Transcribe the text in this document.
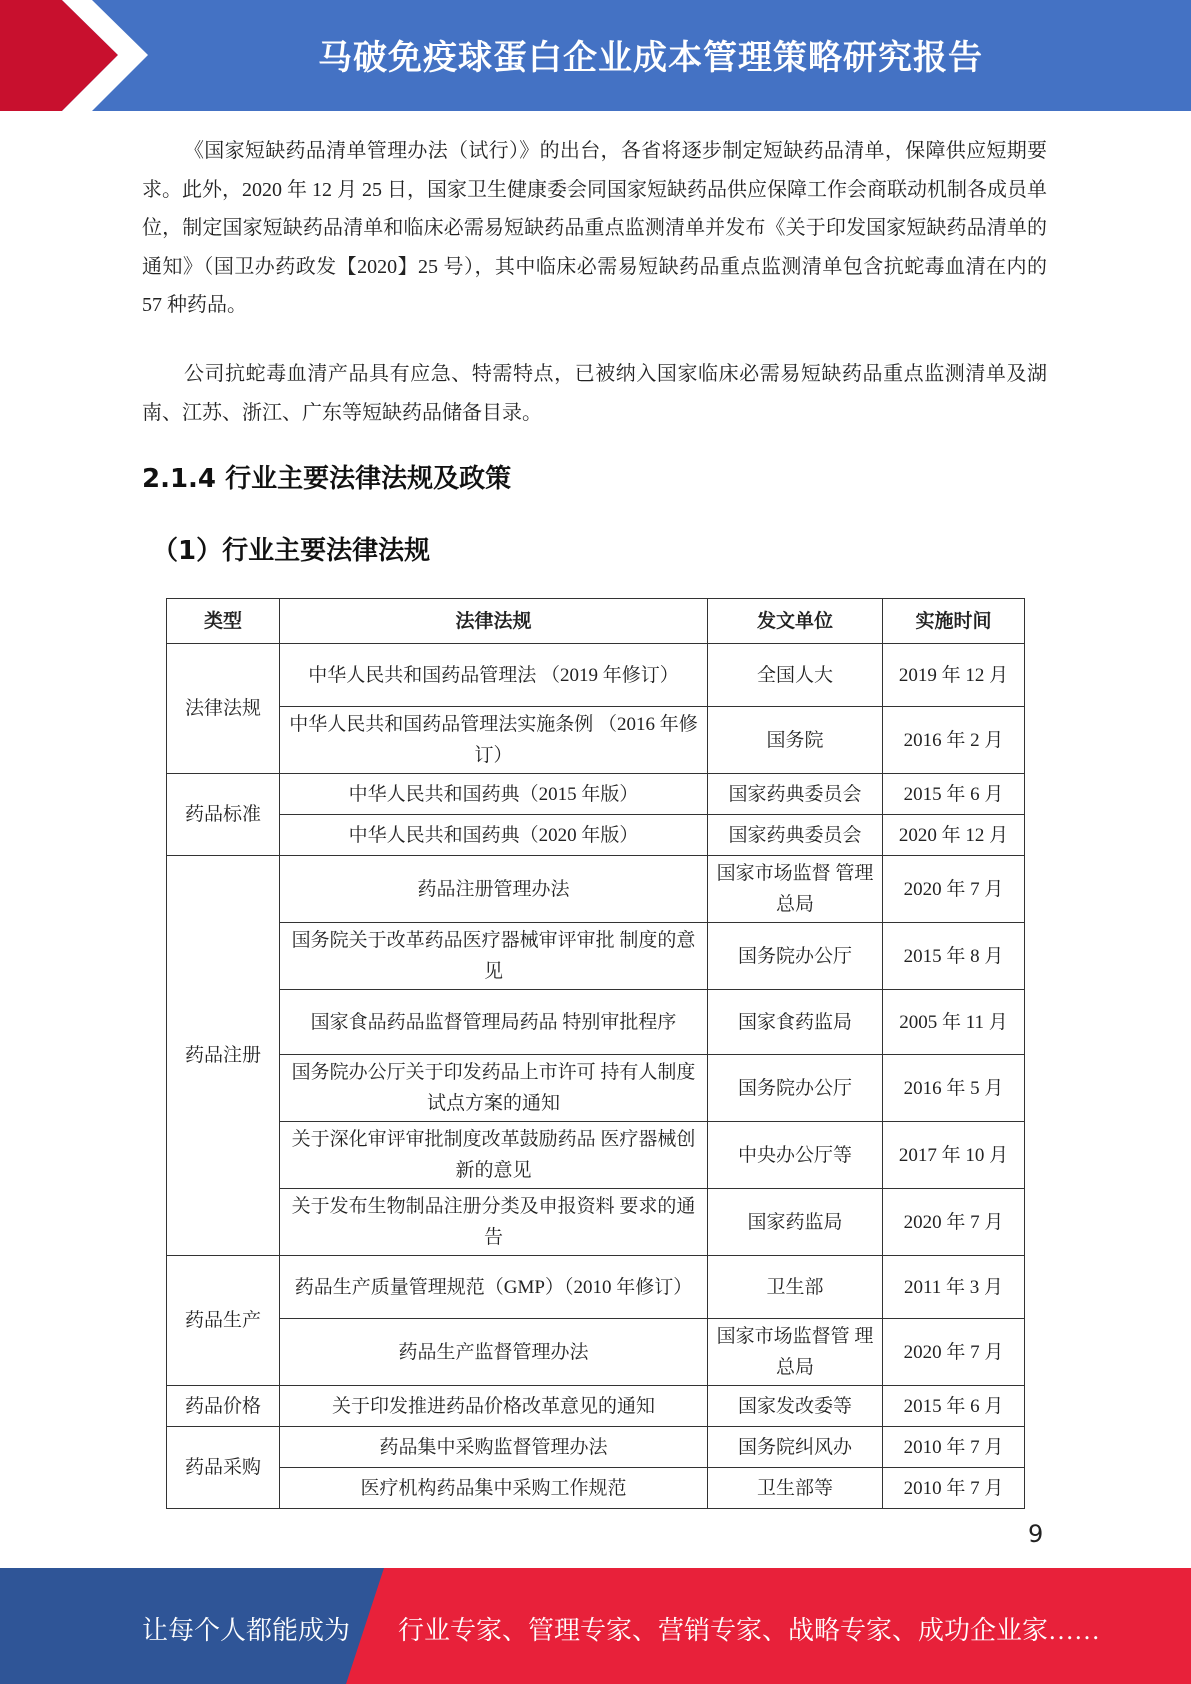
马破免疫球蛋白企业成本管理策略研究报告

《国家短缺药品清单管理办法（试行）》的出台，各省将逐步制定短缺药品清单，保障供应短期要求。此外，2020 年 12 月 25 日，国家卫生健康委会同国家短缺药品供应保障工作会商联动机制各成员单位，制定国家短缺药品清单和临床必需易短缺药品重点监测清单并发布《关于印发国家短缺药品清单的通知》（国卫办药政发【2020】25 号），其中临床必需易短缺药品重点监测清单包含抗蛇毒血清在内的 57 种药品。

公司抗蛇毒血清产品具有应急、特需特点，已被纳入国家临床必需易短缺药品重点监测清单及湖南、江苏、浙江、广东等短缺药品储备目录。

2.1.4 行业主要法律法规及政策
（1）行业主要法律法规
类型	法律法规	发文单位	实施时间
法律法规	中华人民共和国药品管理法 （2019 年修订）	全国人大	2019 年 12 月
	中华人民共和国药品管理法实施条例 （2016 年修订）	国务院	2016 年 2 月
药品标准	中华人民共和国药典（2015 年版）	国家药典委员会	2015 年 6 月
	中华人民共和国药典（2020 年版）	国家药典委员会	2020 年 12 月
药品注册	药品注册管理办法	国家市场监督 管理总局	2020 年 7 月
	国务院关于改革药品医疗器械审评审批 制度的意见	国务院办公厅	2015 年 8 月
	国家食品药品监督管理局药品 特别审批程序	国家食药监局	2005 年 11 月
	国务院办公厅关于印发药品上市许可 持有人制度试点方案的通知	国务院办公厅	2016 年 5 月
	关于深化审评审批制度改革鼓励药品 医疗器械创新的意见	中央办公厅等	2017 年 10 月
	关于发布生物制品注册分类及申报资料 要求的通告	国家药监局	2020 年 7 月
药品生产	药品生产质量管理规范（GMP）（2010 年修订）	卫生部	2011 年 3 月
	药品生产监督管理办法	国家市场监督管 理总局	2020 年 7 月
药品价格	关于印发推进药品价格改革意见的通知	国家发改委等	2015 年 6 月
药品采购	药品集中采购监督管理办法	国务院纠风办	2010 年 7 月
	医疗机构药品集中采购工作规范	卫生部等	2010 年 7 月
9
让每个人都能成为 行业专家、管理专家、营销专家、战略专家、成功企业家……
